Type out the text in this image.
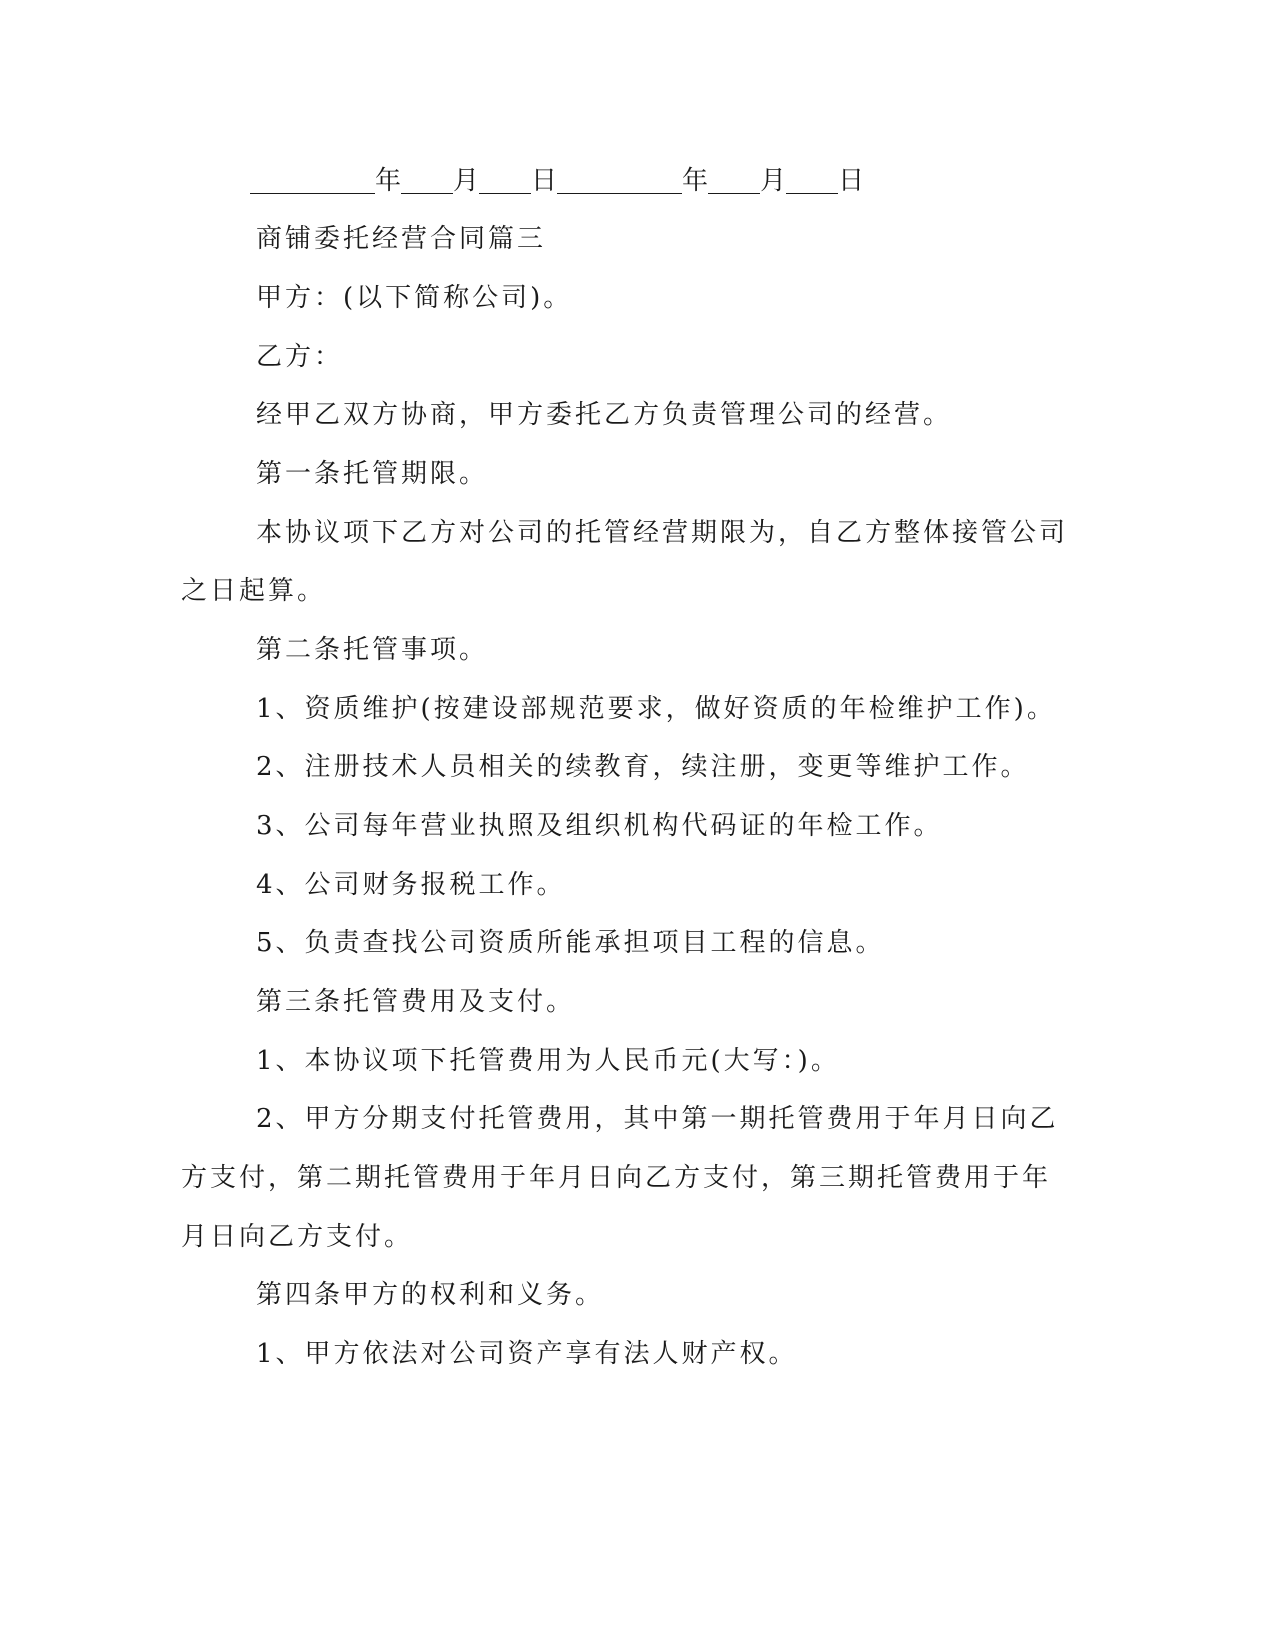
年 月 日	年 月 日
商铺委托经营合同篇三
甲方：(以下简称公司)。
乙方：
经甲乙双方协商，甲方委托乙方负责管理公司的经营。
第一条托管期限。
本协议项下乙方对公司的托管经营期限为，自乙方整体接管公司
之日起算。
第二条托管事项。
1、资质维护(按建设部规范要求，做好资质的年检维护工作)。
2、注册技术人员相关的续教育，续注册，变更等维护工作。
3、公司每年营业执照及组织机构代码证的年检工作。
4、公司财务报税工作。
5、负责查找公司资质所能承担项目工程的信息。
第三条托管费用及支付。
1、本协议项下托管费用为人民币元(大写：)。
2、甲方分期支付托管费用，其中第一期托管费用于年月日向乙
方支付，第二期托管费用于年月日向乙方支付，第三期托管费用于年
月日向乙方支付。
第四条甲方的权利和义务。
1、甲方依法对公司资产享有法人财产权。
